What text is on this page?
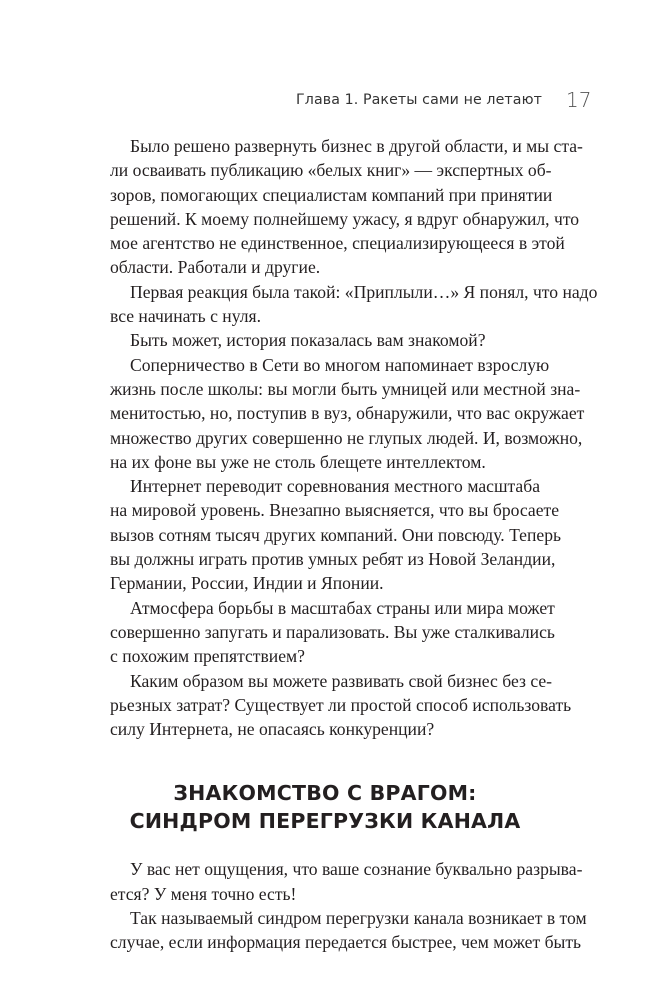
Глава 1. Ракеты сами не летают 17

Было решено развернуть бизнес в другой области, и мы ста-
ли осваивать публикацию «белых книг» — экспертных об-
зоров, помогающих специалистам компаний при принятии
решений. К моему полнейшему ужасу, я вдруг обнаружил, что
мое агентство не единственное, специализирующееся в этой
области. Работали и другие.

Первая реакция была такой: «Приплыли…» Я понял, что надо
все начинать с нуля.

Быть может, история показалась вам знакомой?

Соперничество в Сети во многом напоминает взрослую
жизнь после школы: вы могли быть умницей или местной зна-
менитостью, но, поступив в вуз, обнаружили, что вас окружает
множество других совершенно не глупых людей. И, возможно,
на их фоне вы уже не столь блещете интеллектом.

Интернет переводит соревнования местного масштаба
на мировой уровень. Внезапно выясняется, что вы бросаете
вызов сотням тысяч других компаний. Они повсюду. Теперь
вы должны играть против умных ребят из Новой Зеландии,
Германии, России, Индии и Японии.

Атмосфера борьбы в масштабах страны или мира может
совершенно запугать и парализовать. Вы уже сталкивались
с похожим препятствием?

Каким образом вы можете развивать свой бизнес без се-
рьезных затрат? Существует ли простой способ использовать
силу Интернета, не опасаясь конкуренции?

ЗНАКОМСТВО С ВРАГОМ:
СИНДРОМ ПЕРЕГРУЗКИ КАНАЛА

У вас нет ощущения, что ваше сознание буквально разрыва-
ется? У меня точно есть!

Так называемый синдром перегрузки канала возникает в том
случае, если информация передается быстрее, чем может быть
